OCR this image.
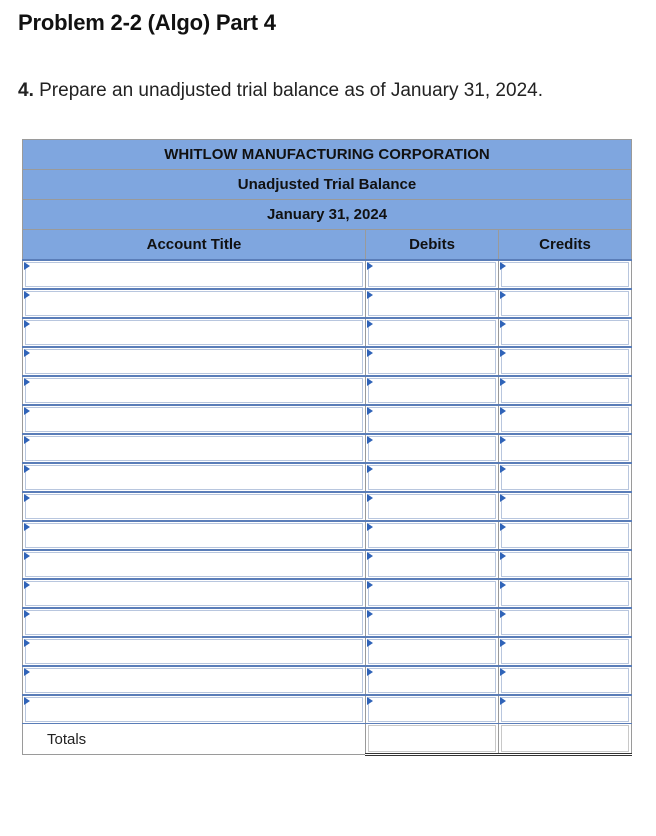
Problem 2-2 (Algo) Part 4
4. Prepare an unadjusted trial balance as of January 31, 2024.
WHITLOW MANUFACTURING CORPORATION		
Unadjusted Trial Balance		
January 31, 2024		
Account Title	Debits	Credits

Totals	
